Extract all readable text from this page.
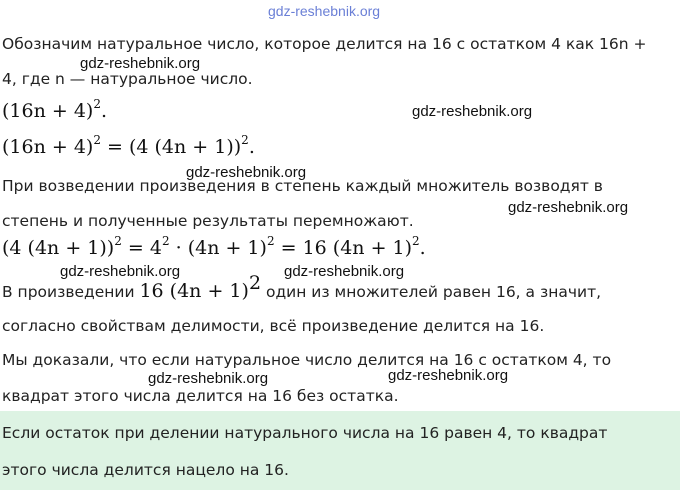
gdz-reshebnik.org
Обозначим натуральное число, которое делится на 16 с остатком 4 как 16n +
4, где n — натуральное число.
gdz-reshebnik.org
$(16n + 4)^2$.	gdz-reshebnik.org
$(16n + 4)^2 = (4$ (4n + 1))$^2$.
gdz-reshebnik.org
При возведении произведения в степень каждый множитель возводят в
степень и полученные результаты перемножают.
gdz-reshebnik.org
(4 $(4n + 1))^2 = 4^2 \cdot (4n + 1)^2 = 16$ $(4n + 1)^2$.
gdz-reshebnik.org	gdz-reshebnik.org
В произведении 16 $(4n + 1)^2$ один из множителей равен 16, а значит,
согласно свойствам делимости, всё произведение делится на 16.
Мы доказали, что если натуральное число делится на 16 с остатком 4, то
квадрат этого числа делится на 16 без остатка.
gdz-reshebnik.org	gdz-reshebnik.org
Если остаток при делении натурального числа на 16 равен 4, то квадрат
этого числа делится нацело на 16.
